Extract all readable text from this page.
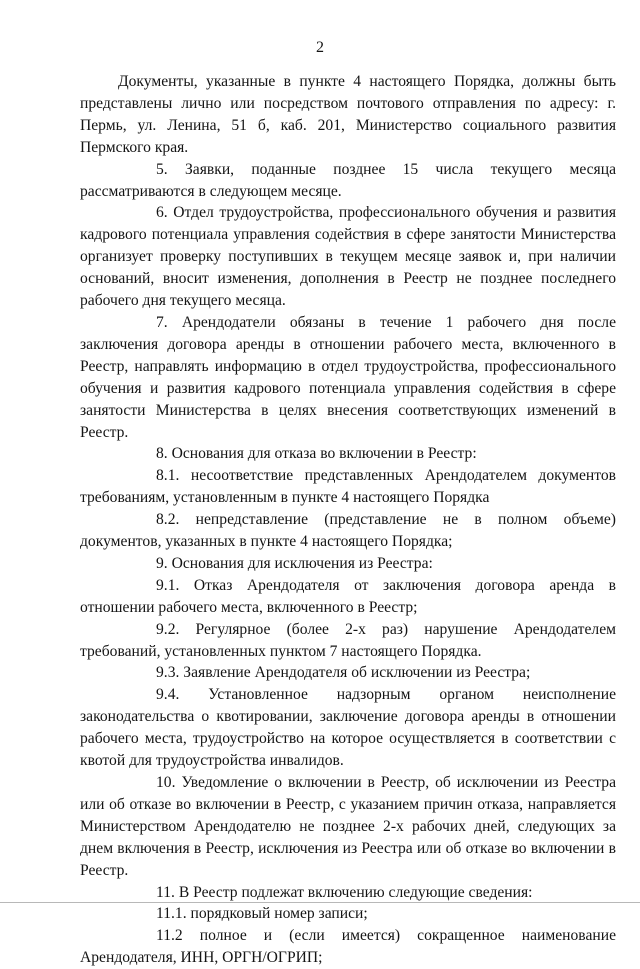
2

Документы, указанные в пункте 4 настоящего Порядка, должны быть представлены лично или посредством почтового отправления по адресу: г. Пермь, ул. Ленина, 51 б, каб. 201, Министерство социального развития Пермского края.

5. Заявки, поданные позднее 15 числа текущего месяца рассматриваются в следующем месяце.

6. Отдел трудоустройства, профессионального обучения и развития кадрового потенциала управления содействия в сфере занятости Министерства организует проверку поступивших в текущем месяце заявок и, при наличии оснований, вносит изменения, дополнения в Реестр не позднее последнего рабочего дня текущего месяца.

7. Арендодатели обязаны в течение 1 рабочего дня после заключения договора аренды в отношении рабочего места, включенного в Реестр, направлять информацию в отдел трудоустройства, профессионального обучения и развития кадрового потенциала управления содействия в сфере занятости Министерства в целях внесения соответствующих изменений в Реестр.

8. Основания для отказа во включении в Реестр:

8.1. несоответствие представленных Арендодателем документов требованиям, установленным в пункте 4 настоящего Порядка

8.2. непредставление (представление не в полном объеме) документов, указанных в пункте 4 настоящего Порядка;

9. Основания для исключения из Реестра:

9.1. Отказ Арендодателя от заключения договора аренда в отношении рабочего места, включенного в Реестр;

9.2. Регулярное (более 2-х раз) нарушение Арендодателем требований, установленных пунктом 7 настоящего Порядка.

9.3. Заявление Арендодателя об исключении из Реестра;

9.4. Установленное надзорным органом неисполнение законодательства о квотировании, заключение договора аренды в отношении рабочего места, трудоустройство на которое осуществляется в соответствии с квотой для трудоустройства инвалидов.

10. Уведомление о включении в Реестр, об исключении из Реестра или об отказе во включении в Реестр, с указанием причин отказа, направляется Министерством Арендодателю не позднее 2-х рабочих дней, следующих за днем включения в Реестр, исключения из Реестра или об отказе во включении в Реестр.

11. В Реестр подлежат включению следующие сведения:

11.1. порядковый номер записи;

11.2 полное и (если имеется) сокращенное наименование Арендодателя, ИНН, ОРГН/ОГРИП;
